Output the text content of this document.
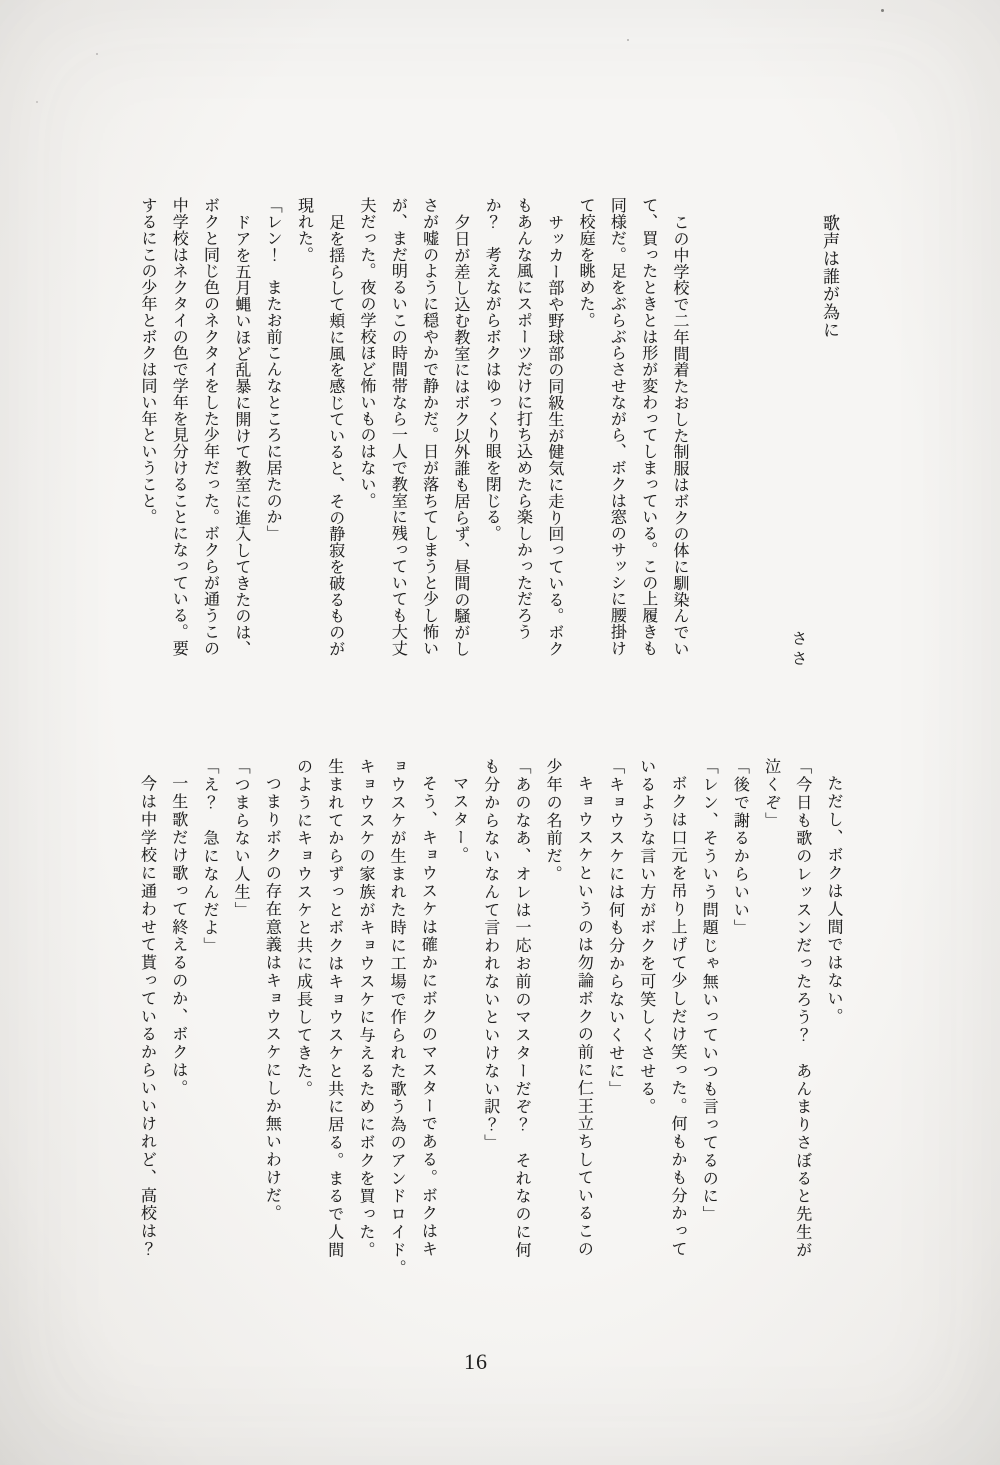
歌声は誰が為に
ささ

この中学校で二年間着たおした制服はボクの体に馴染んでい

て、買ったときとは形が変わってしまっている。この上履きも

同様だ。足をぶらぶらさせながら、ボクは窓のサッシに腰掛け

て校庭を眺めた。

サッカー部や野球部の同級生が健気に走り回っている。ボク

もあんな風にスポーツだけに打ち込めたら楽しかっただろう

か？　考えながらボクはゆっくり眼を閉じる。

夕日が差し込む教室にはボク以外誰も居らず、昼間の騒がし

さが嘘のように穏やかで静かだ。日が落ちてしまうと少し怖い

が、まだ明るいこの時間帯なら一人で教室に残っていても大丈

夫だった。夜の学校ほど怖いものはない。

足を揺らして頬に風を感じていると、その静寂を破るものが

現れた。

「レン！　またお前こんなところに居たのか」

ドアを五月蝿いほど乱暴に開けて教室に進入してきたのは、

ボクと同じ色のネクタイをした少年だった。ボクらが通うこの

中学校はネクタイの色で学年を見分けることになっている。要

するにこの少年とボクは同い年ということ。

ただし、ボクは人間ではない。

「今日も歌のレッスンだったろう？　あんまりさぼると先生が

泣くぞ」

「後で謝るからいい」

「レン、そういう問題じゃ無いっていつも言ってるのに」

ボクは口元を吊り上げて少しだけ笑った。何もかも分かって

いるような言い方がボクを可笑しくさせる。

「キョウスケには何も分からないくせに」

キョウスケというのは勿論ボクの前に仁王立ちしているこの

少年の名前だ。

「あのなあ、オレは一応お前のマスターだぞ？　それなのに何

も分からないなんて言われないといけない訳？」

マスター。

そう、キョウスケは確かにボクのマスターである。ボクはキ

ョウスケが生まれた時に工場で作られた歌う為のアンドロイド。

キョウスケの家族がキョウスケに与えるためにボクを買った。

生まれてからずっとボクはキョウスケと共に居る。まるで人間

のようにキョウスケと共に成長してきた。

つまりボクの存在意義はキョウスケにしか無いわけだ。

「つまらない人生」

「え？　急になんだよ」

一生歌だけ歌って終えるのか、ボクは。

今は中学校に通わせて貰っているからいいけれど、高校は？

16
